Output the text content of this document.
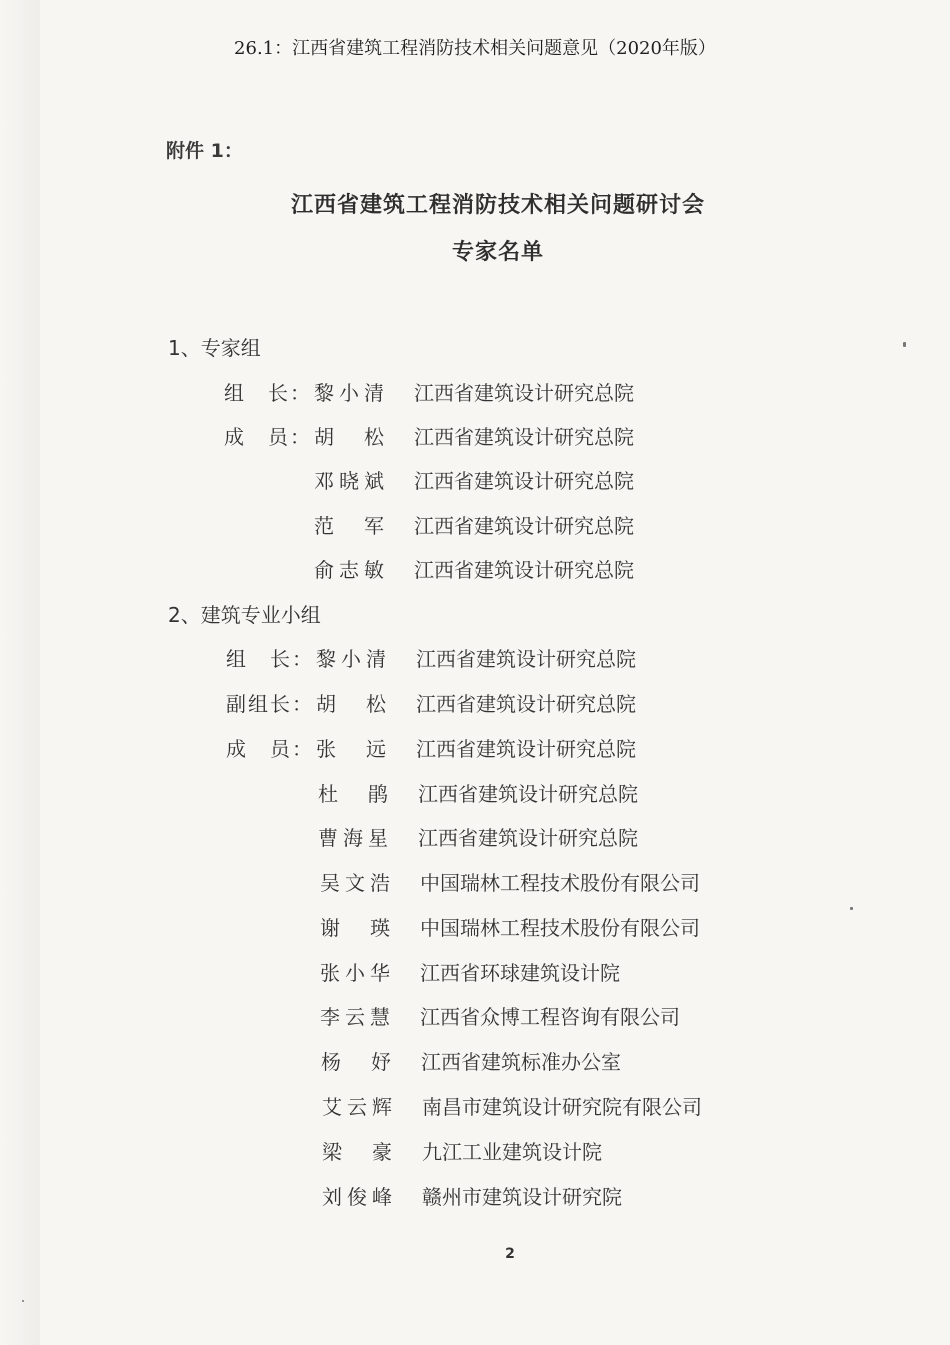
26.1：江西省建筑工程消防技术相关问题意见（2020年版）
附件 1：
江西省建筑工程消防技术相关问题研讨会
专家名单
1、专家组
组　长： 黎小清 江西省建筑设计研究总院
成　员： 胡　松 江西省建筑设计研究总院
邓晓斌 江西省建筑设计研究总院
范　军 江西省建筑设计研究总院
俞志敏 江西省建筑设计研究总院
2、建筑专业小组
组　长： 黎小清 江西省建筑设计研究总院
副组长： 胡　松 江西省建筑设计研究总院
成　员： 张　远 江西省建筑设计研究总院
杜　鹃 江西省建筑设计研究总院
曹海星 江西省建筑设计研究总院
吴文浩 中国瑞林工程技术股份有限公司
谢　瑛 中国瑞林工程技术股份有限公司
张小华 江西省环球建筑设计院
李云慧 江西省众博工程咨询有限公司
杨　妤 江西省建筑标准办公室
艾云辉 南昌市建筑设计研究院有限公司
梁　豪 九江工业建筑设计院
刘俊峰 赣州市建筑设计研究院
2
